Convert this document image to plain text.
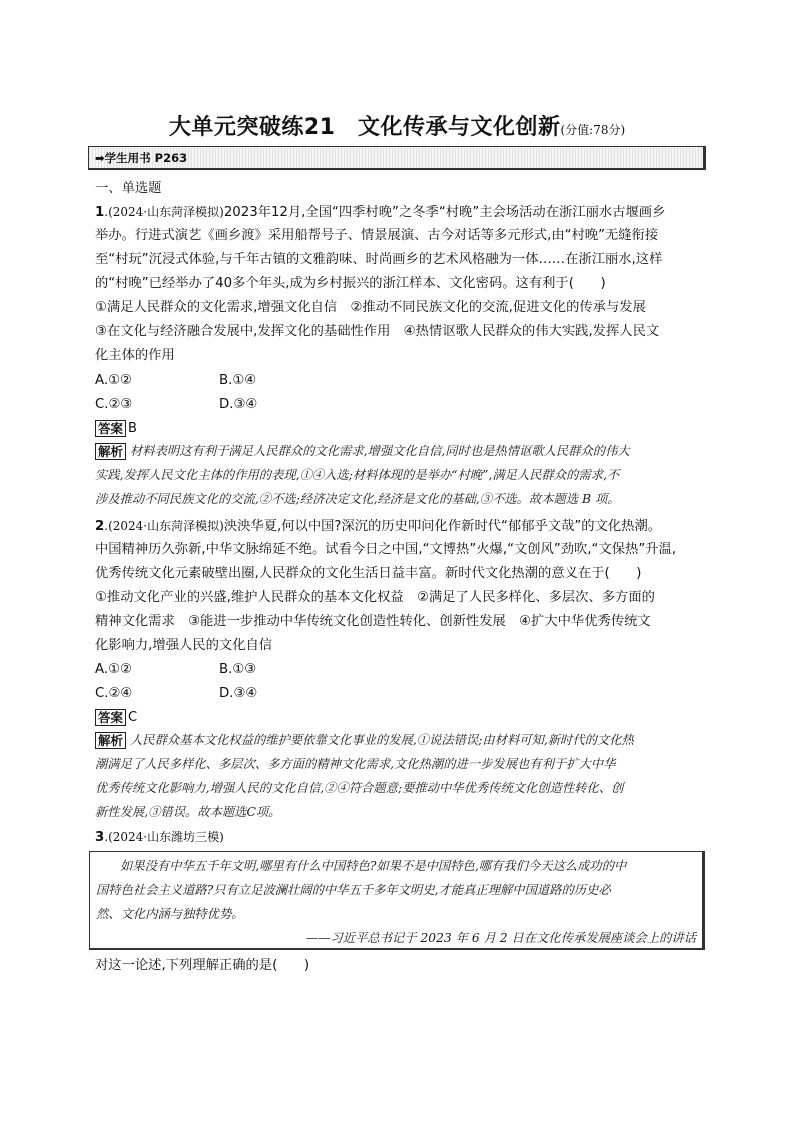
大单元突破练21　文化传承与文化创新(分值:78分)
➡学生用书 P263
一、单选题
1.(2024·山东菏泽模拟)2023年12月,全国“四季村晚”之冬季“村晚”主会场活动在浙江丽水古堰画乡
举办。行进式演艺《画乡渡》采用船帮号子、情景展演、古今对话等多元形式,由“村晚”无缝衔接
至“村玩”沉浸式体验,与千年古镇的文雅韵味、时尚画乡的艺术风格融为一体……在浙江丽水,这样
的“村晚”已经举办了40多个年头,成为乡村振兴的浙江样本、文化密码。这有利于(　　)
①满足人民群众的文化需求,增强文化自信　②推动不同民族文化的交流,促进文化的传承与发展
③在文化与经济融合发展中,发挥文化的基础性作用　④热情讴歌人民群众的伟大实践,发挥人民文
化主体的作用
A.①②	B.①④
C.②③	D.③④
答案 B
解析 材料表明这有利于满足人民群众的文化需求,增强文化自信,同时也是热情讴歌人民群众的伟大
实践,发挥人民文化主体的作用的表现,①④入选;材料体现的是举办“村晚”,满足人民群众的需求,不
涉及推动不同民族文化的交流,②不选;经济决定文化,经济是文化的基础,③不选。故本题选 B 项。
2.(2024·山东菏泽模拟)泱泱华夏,何以中国?深沉的历史叩问化作新时代“郁郁乎文哉”的文化热潮。
中国精神历久弥新,中华文脉绵延不绝。试看今日之中国,“文博热”火爆,“文创风”劲吹,“文保热”升温,
优秀传统文化元素破壁出圈,人民群众的文化生活日益丰富。新时代文化热潮的意义在于(　　)
①推动文化产业的兴盛,维护人民群众的基本文化权益　②满足了人民多样化、多层次、多方面的
精神文化需求　③能进一步推动中华传统文化创造性转化、创新性发展　④扩大中华优秀传统文
化影响力,增强人民的文化自信
A.①②	B.①③
C.②④	D.③④
答案 C
解析 人民群众基本文化权益的维护要依靠文化事业的发展,①说法错误;由材料可知,新时代的文化热
潮满足了人民多样化、多层次、多方面的精神文化需求,文化热潮的进一步发展也有利于扩大中华
优秀传统文化影响力,增强人民的文化自信,②④符合题意;要推动中华优秀传统文化创造性转化、创
新性发展,③错误。故本题选C项。
3.(2024·山东潍坊三模)
如果没有中华五千年文明,哪里有什么中国特色?如果不是中国特色,哪有我们今天这么成功的中
国特色社会主义道路?只有立足波澜壮阔的中华五千多年文明史,才能真正理解中国道路的历史必
然、文化内涵与独特优势。
——习近平总书记于 2023 年 6 月 2 日在文化传承发展座谈会上的讲话
对这一论述,下列理解正确的是(　　)
